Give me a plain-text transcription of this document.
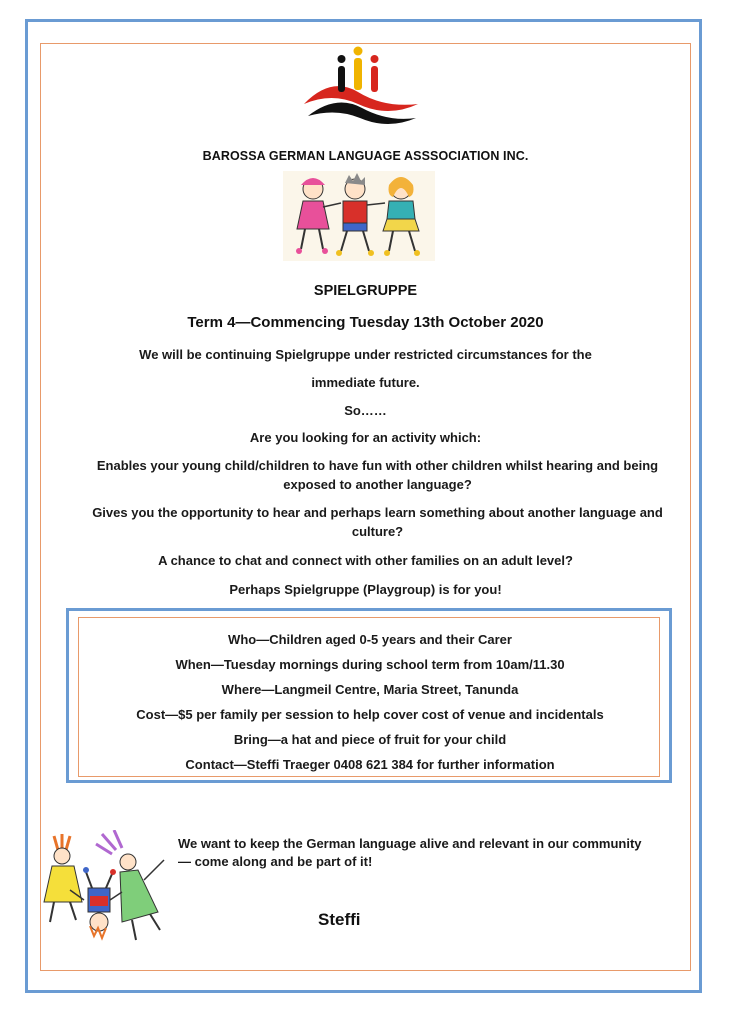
BAROSSA GERMAN LANGUAGE ASSSOCIATION INC.
SPIELGRUPPE
Term 4—Commencing Tuesday 13th October 2020
We will be continuing Spielgruppe under restricted circumstances for the
immediate future.
So……
Are you looking for an activity which:
Enables your young child/children to have fun with other children whilst hearing and being exposed to another language?
Gives you the opportunity to hear and perhaps learn something about another language and culture?
A chance to chat and connect with other families on an adult level?
Perhaps Spielgruppe (Playgroup) is for you!
Who—Children aged 0-5 years and their Carer
When—Tuesday mornings during school term from 10am/11.30
Where—Langmeil Centre, Maria Street, Tanunda
Cost—$5 per family per session to help cover cost of venue and incidentals
Bring—a hat and piece of fruit for your child
Contact—Steffi Traeger 0408 621 384 for further information
We want to keep the German language alive and relevant in our community — come along and be part of it!
Steffi
